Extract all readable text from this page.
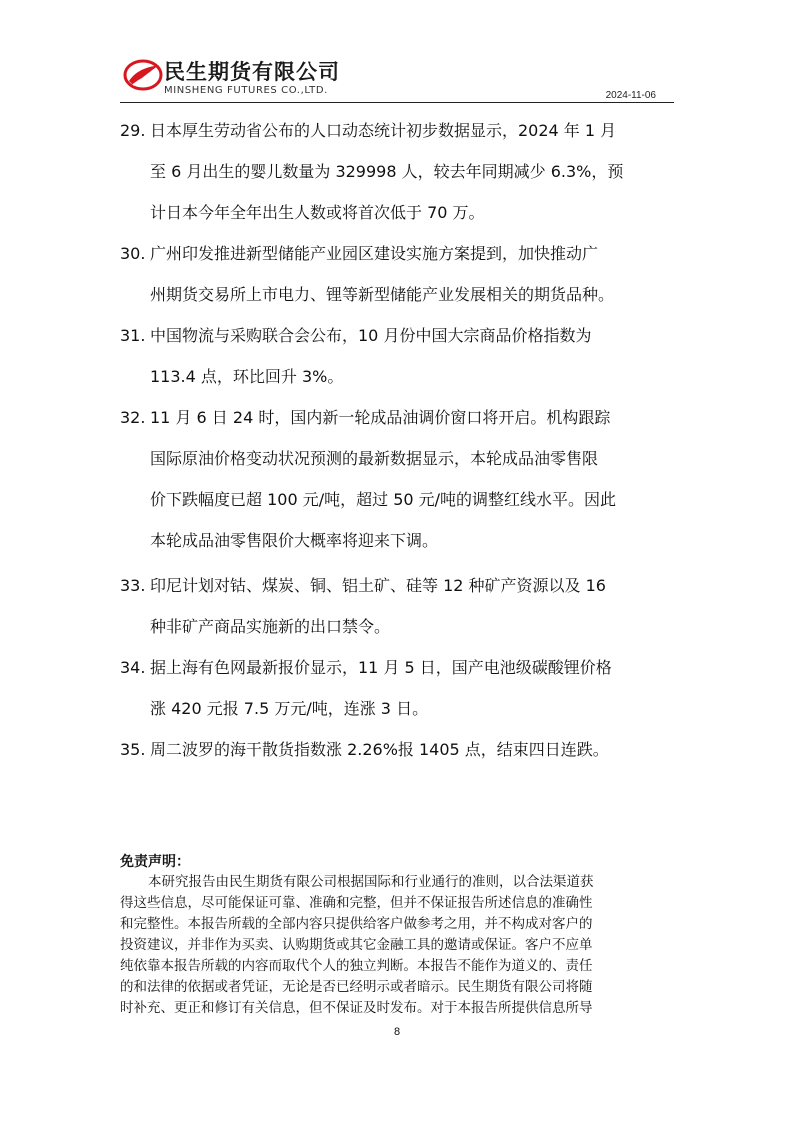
民生期货有限公司
MINSHENG FUTURES CO.,LTD.	2024-11-06
29. 日本厚生劳动省公布的人口动态统计初步数据显示，2024 年 1 月
至 6 月出生的婴儿数量为 329998 人，较去年同期减少 6.3%，预
计日本今年全年出生人数或将首次低于 70 万。
30. 广州印发推进新型储能产业园区建设实施方案提到，加快推动广
州期货交易所上市电力、锂等新型储能产业发展相关的期货品种。
31. 中国物流与采购联合会公布，10 月份中国大宗商品价格指数为
113.4 点，环比回升 3%。
32. 11 月 6 日 24 时，国内新一轮成品油调价窗口将开启。机构跟踪
国际原油价格变动状况预测的最新数据显示，本轮成品油零售限
价下跌幅度已超 100 元/吨，超过 50 元/吨的调整红线水平。因此
本轮成品油零售限价大概率将迎来下调。
33. 印尼计划对钴、煤炭、铜、铝土矿、硅等 12 种矿产资源以及 16
种非矿产商品实施新的出口禁令。
34. 据上海有色网最新报价显示，11 月 5 日，国产电池级碳酸锂价格
涨 420 元报 7.5 万元/吨，连涨 3 日。
35. 周二波罗的海干散货指数涨 2.26%报 1405 点，结束四日连跌。
免责声明：
本研究报告由民生期货有限公司根据国际和行业通行的准则，以合法渠道获
得这些信息，尽可能保证可靠、准确和完整，但并不保证报告所述信息的准确性
和完整性。本报告所载的全部内容只提供给客户做参考之用，并不构成对客户的
投资建议，并非作为买卖、认购期货或其它金融工具的邀请或保证。客户不应单
纯依靠本报告所载的内容而取代个人的独立判断。本报告不能作为道义的、责任
的和法律的依据或者凭证，无论是否已经明示或者暗示。民生期货有限公司将随
时补充、更正和修订有关信息，但不保证及时发布。对于本报告所提供信息所导
8
